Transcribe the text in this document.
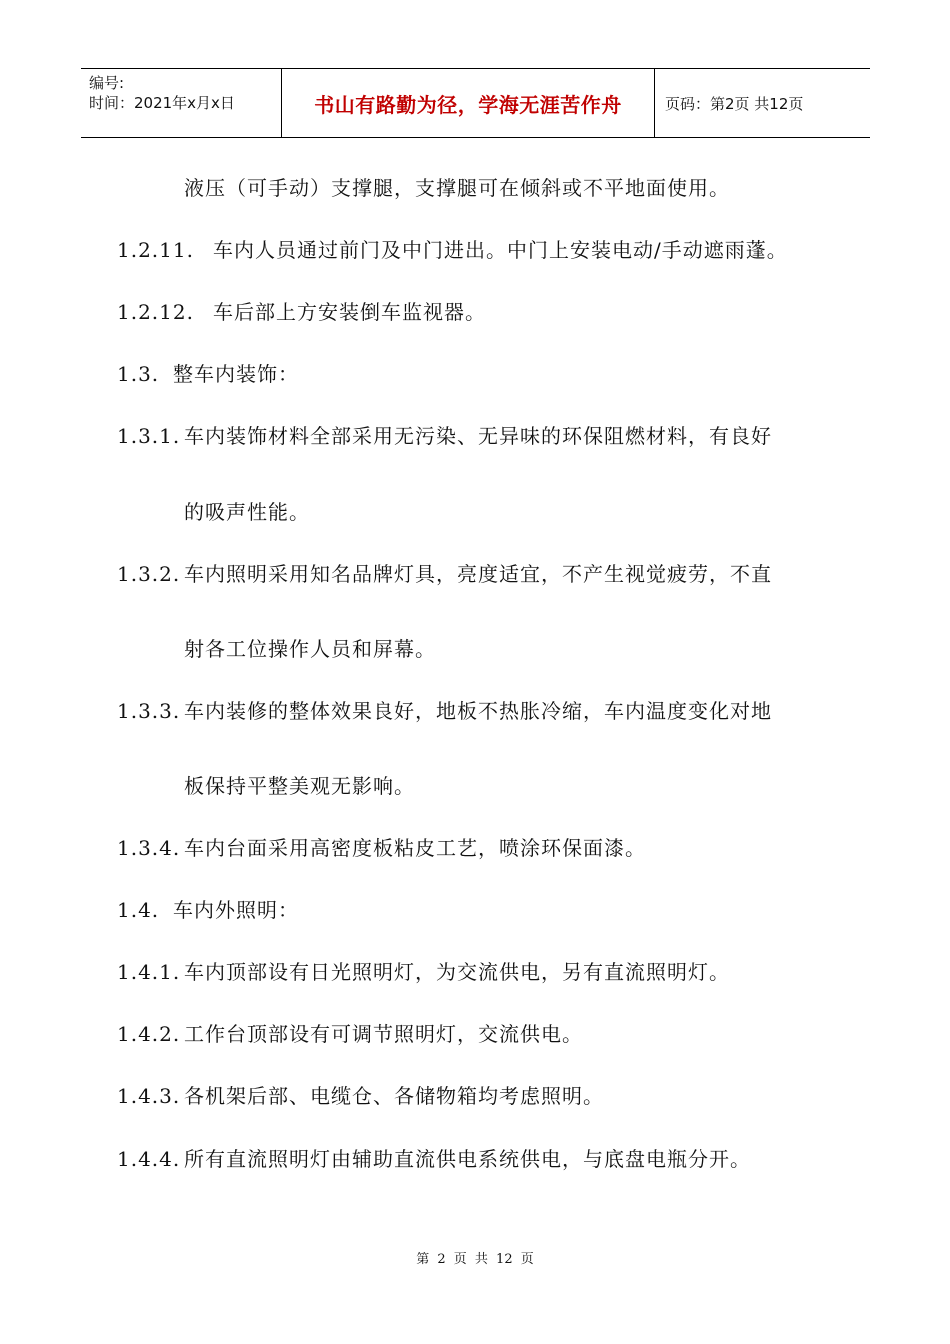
编号:
时间：2021年x月x日	书山有路勤为径，学海无涯苦作舟	页码：第2页 共12页
液压（可手动）支撑腿，支撑腿可在倾斜或不平地面使用。
1.2.11. 车内人员通过前门及中门进出。中门上安装电动/手动遮雨蓬。
1.2.12. 车后部上方安装倒车监视器。
1.3. 整车内装饰：
1.3.1. 车内装饰材料全部采用无污染、无异味的环保阻燃材料，有良好
的吸声性能。
1.3.2. 车内照明采用知名品牌灯具，亮度适宜，不产生视觉疲劳，不直
射各工位操作人员和屏幕。
1.3.3. 车内装修的整体效果良好，地板不热胀冷缩，车内温度变化对地
板保持平整美观无影响。
1.3.4. 车内台面采用高密度板粘皮工艺，喷涂环保面漆。
1.4. 车内外照明：
1.4.1. 车内顶部设有日光照明灯，为交流供电，另有直流照明灯。
1.4.2. 工作台顶部设有可调节照明灯，交流供电。
1.4.3. 各机架后部、电缆仓、各储物箱均考虑照明。
1.4.4. 所有直流照明灯由辅助直流供电系统供电，与底盘电瓶分开。
第 2 页 共 12 页
